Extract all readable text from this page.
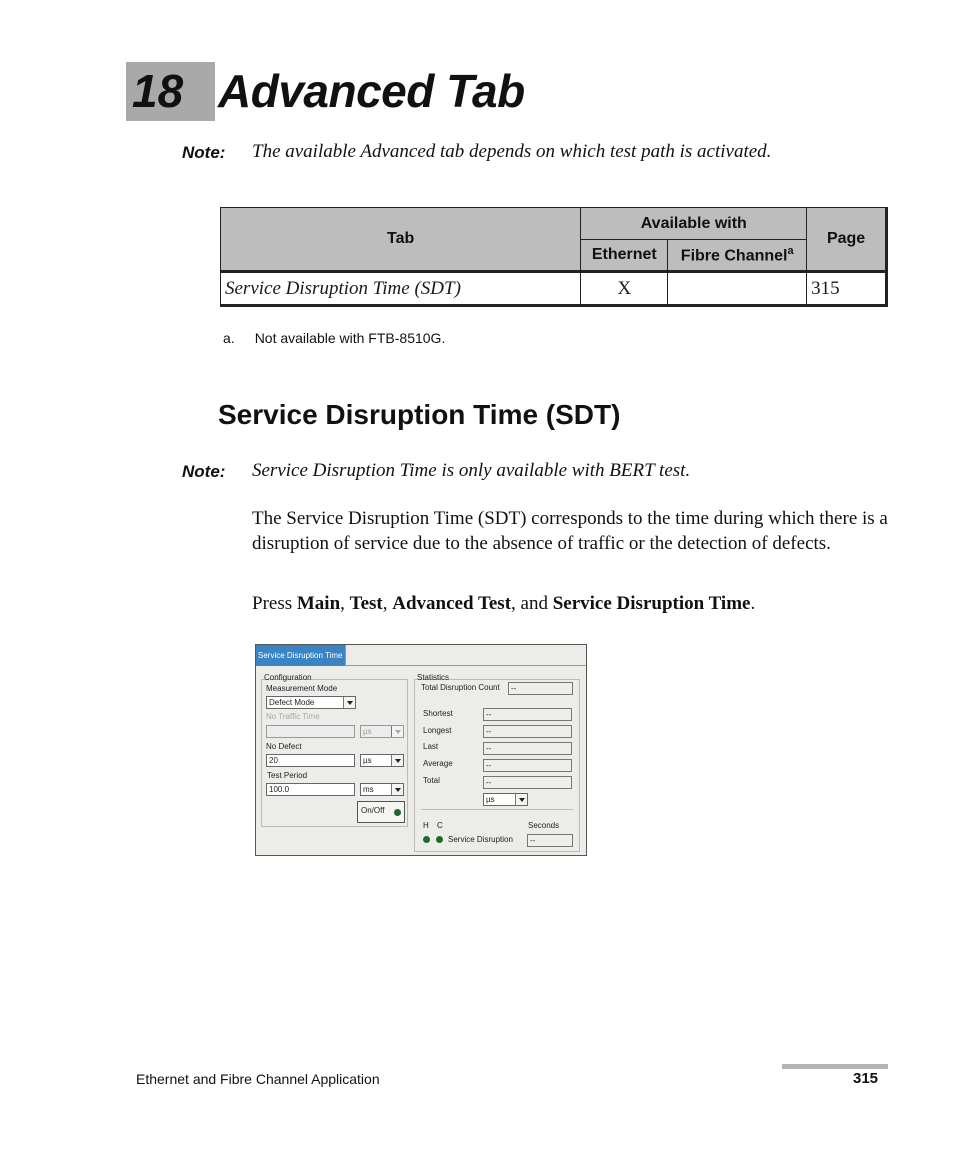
18 Advanced Tab
Note: The available Advanced tab depends on which test path is activated.
Tab	Available with		Page
	Ethernet	Fibre Channel$^a$
Service Disruption Time (SDT)	X		315
a. Not available with FTB-8510G.
Service Disruption Time (SDT)
Note: Service Disruption Time is only available with BERT test.
The Service Disruption Time (SDT) corresponds to the time during which there is a disruption of service due to the absence of traffic or the detection of defects.
Press Main, Test, Advanced Test, and Service Disruption Time.
Service Disruption Time
Configuration
Measurement Mode
Defect Mode
No Traffic Time
µs
No Defect
20	µs
Test Period
100.0	ms
On/Off
Statistics
Total Disruption Count	--
Shortest	--
Longest	--
Last	--
Average	--
Total	--
µs
H C	Seconds
Service Disruption	--
Ethernet and Fibre Channel Application	315
